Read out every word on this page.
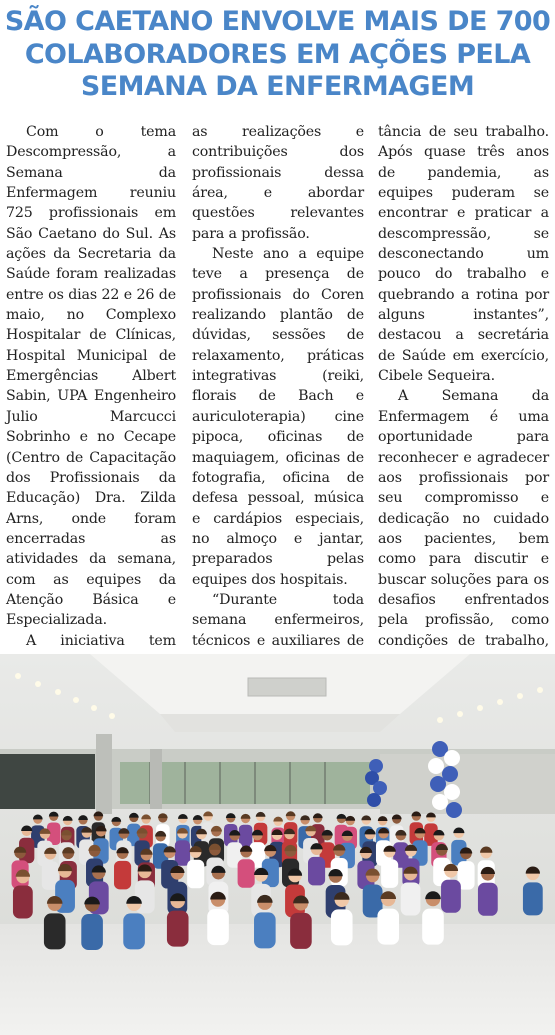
SÃO CAETANO ENVOLVE MAIS DE 700
COLABORADORES EM AÇÕES PELA
SEMANA DA ENFERMAGEM

Com o tema Descompressão, a Semana da Enfermagem reuniu 725 profissionais em São Caetano do Sul. As ações da Secretaria da Saúde foram realizadas entre os dias 22 e 26 de maio, no Complexo Hospitalar de Clínicas, Hospital Municipal de Emergências Albert Sabin, UPA Engenheiro Julio Marcucci Sobrinho e no Cecape (Centro de Capacitação dos Profissionais da Educação) Dra. Zilda Arns, onde foram encerradas as atividades da semana, com as equipes da Atenção Básica e Especializada.

A iniciativa tem

as realizações e contribuições dos profissionais dessa área, e abordar questões relevantes para a profissão.

Neste ano a equipe teve a presença de profissionais do Coren realizando plantão de dúvidas, sessões de relaxamento, práticas integrativas (reiki, florais de Bach e auriculoterapia) cine pipoca, oficinas de maquiagem, oficinas de fotografia, oficina de defesa pessoal, música e cardápios especiais, no almoço e jantar, preparados pelas equipes dos hospitais.

“Durante toda semana enfermeiros, técnicos e auxiliares de

tância de seu trabalho. Após quase três anos de pandemia, as equipes puderam se encontrar e praticar a descompressão, se desconectando um pouco do trabalho e quebrando a rotina por alguns instantes”, destacou a secretária de Saúde em exercício, Cibele Sequeira.

A Semana da Enfermagem é uma oportunidade para reconhecer e agradecer aos profissionais por seu compromisso e dedicação no cuidado aos pacientes, bem como para discutir e buscar soluções para os desafios enfrentados pela profissão, como condições de trabalho,
